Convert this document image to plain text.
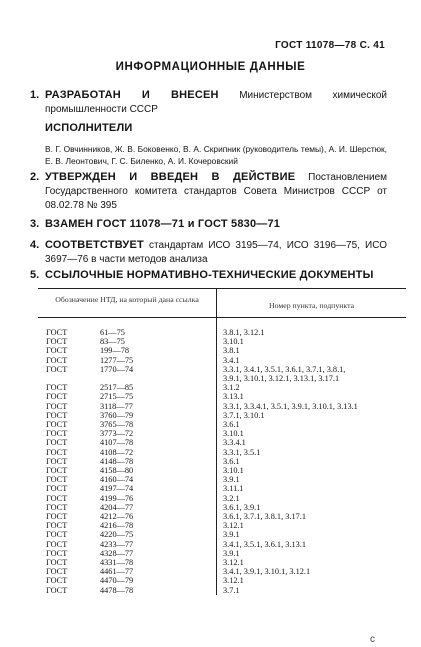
ГОСТ 11078—78 С. 41
ИНФОРМАЦИОННЫЕ ДАННЫЕ
1. РАЗРАБОТАН И ВНЕСЕН Министерством химической промышленности СССР
ИСПОЛНИТЕЛИ
В. Г. Овчинников, Ж. В. Боковенко, В. А. Скрипник (руководитель темы), А. И. Шерстюк, Е. В. Леонтович, Г. С. Биленко, А. И. Кочеровский
2. УТВЕРЖДЕН И ВВЕДЕН В ДЕЙСТВИЕ Постановлением Государственного комитета стандартов Совета Министров СССР от 08.02.78 № 395
3. ВЗАМЕН ГОСТ 11078—71 и ГОСТ 5830—71
4. СООТВЕТСТВУЕТ стандартам ИСО 3195—74, ИСО 3196—75, ИСО 3697—76 в части методов анализа
5. ССЫЛОЧНЫЕ НОРМАТИВНО-ТЕХНИЧЕСКИЕ ДОКУМЕНТЫ
Обозначение НТД, на который дана ссылка	Номер пункта, подпункта
ГОСТ 61—75	3.8.1, 3.12.1

ГОСТ 83—75	3.10.1

ГОСТ 199—78	3.8.1

ГОСТ 1277—75	3.4.1

ГОСТ 1770—74	3.3.1, 3.4.1, 3.5.1, 3.6.1, 3.7.1, 3.8.1,
3.9.1, 3.10.1, 3.12.1, 3.13.1, 3.17.1

ГОСТ 2517—85	3.1.2

ГОСТ 2715—75	3.13.1

ГОСТ 3118—77	3.3.1, 3.3.4.1, 3.5.1, 3.9.1, 3.10.1, 3.13.1

ГОСТ 3760—79	3.7.1, 3.10.1

ГОСТ 3765—78	3.6.1

ГОСТ 3773—72	3.10.1

ГОСТ 4107—78	3.3.4.1

ГОСТ 4108—72	3.3.1, 3.5.1

ГОСТ 4148—78	3.6.1

ГОСТ 4158—80	3.10.1

ГОСТ 4160—74	3.9.1

ГОСТ 4197—74	3.11.1

ГОСТ 4199—76	3.2.1

ГОСТ 4204—77	3.6.1, 3.9.1

ГОСТ 4212—76	3.6.1, 3.7.1, 3.8.1, 3.17.1

ГОСТ 4216—78	3.12.1

ГОСТ 4220—75	3.9.1

ГОСТ 4233—77	3.4.1, 3.5.1, 3.6.1, 3.13.1

ГОСТ 4328—77	3.9.1

ГОСТ 4331—78	3.12.1

ГОСТ 4461—77	3.4.1, 3.9.1, 3.10.1, 3.12.1

ГОСТ 4470—79	3.12.1

ГОСТ 4478—78	3.7.1
с
